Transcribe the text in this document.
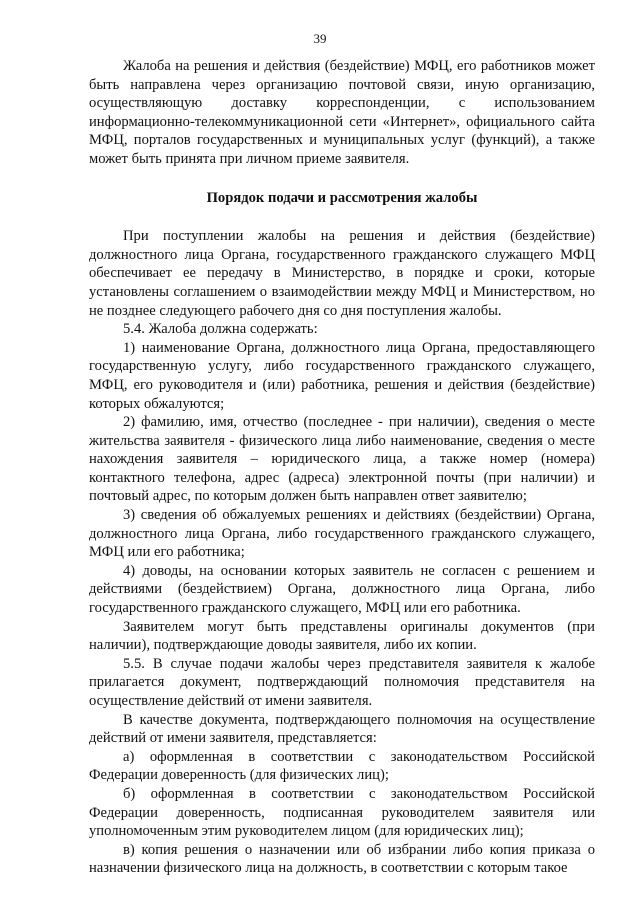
39

Жалоба на решения и действия (бездействие) МФЦ, его работников может быть направлена через организацию почтовой связи, иную организацию, осуществляющую доставку корреспонденции, с использованием информационно-телекоммуникационной сети «Интернет», официального сайта МФЦ, порталов государственных и муниципальных услуг (функций), а также может быть принята при личном приеме заявителя.

Порядок подачи и рассмотрения жалобы

При поступлении жалобы на решения и действия (бездействие) должностного лица Органа, государственного гражданского служащего МФЦ обеспечивает ее передачу в Министерство, в порядке и сроки, которые установлены соглашением о взаимодействии между МФЦ и Министерством, но не позднее следующего рабочего дня со дня поступления жалобы.

5.4. Жалоба должна содержать:

1) наименование Органа, должностного лица Органа, предоставляющего государственную услугу, либо государственного гражданского служащего, МФЦ, его руководителя и (или) работника, решения и действия (бездействие) которых обжалуются;

2) фамилию, имя, отчество (последнее - при наличии), сведения о месте жительства заявителя - физического лица либо наименование, сведения о месте нахождения заявителя – юридического лица, а также номер (номера) контактного телефона, адрес (адреса) электронной почты (при наличии) и почтовый адрес, по которым должен быть направлен ответ заявителю;

3) сведения об обжалуемых решениях и действиях (бездействии) Органа, должностного лица Органа, либо государственного гражданского служащего, МФЦ или его работника;

4) доводы, на основании которых заявитель не согласен с решением и действиями (бездействием) Органа, должностного лица Органа, либо государственного гражданского служащего, МФЦ или его работника.

Заявителем могут быть представлены оригиналы документов (при наличии), подтверждающие доводы заявителя, либо их копии.

5.5. В случае подачи жалобы через представителя заявителя к жалобе прилагается документ, подтверждающий полномочия представителя на осуществление действий от имени заявителя.

В качестве документа, подтверждающего полномочия на осуществление действий от имени заявителя, представляется:

а) оформленная в соответствии с законодательством Российской Федерации доверенность (для физических лиц);

б) оформленная в соответствии с законодательством Российской Федерации доверенность, подписанная руководителем заявителя или уполномоченным этим руководителем лицом (для юридических лиц);

в) копия решения о назначении или об избрании либо копия приказа о назначении физического лица на должность, в соответствии с которым такое
